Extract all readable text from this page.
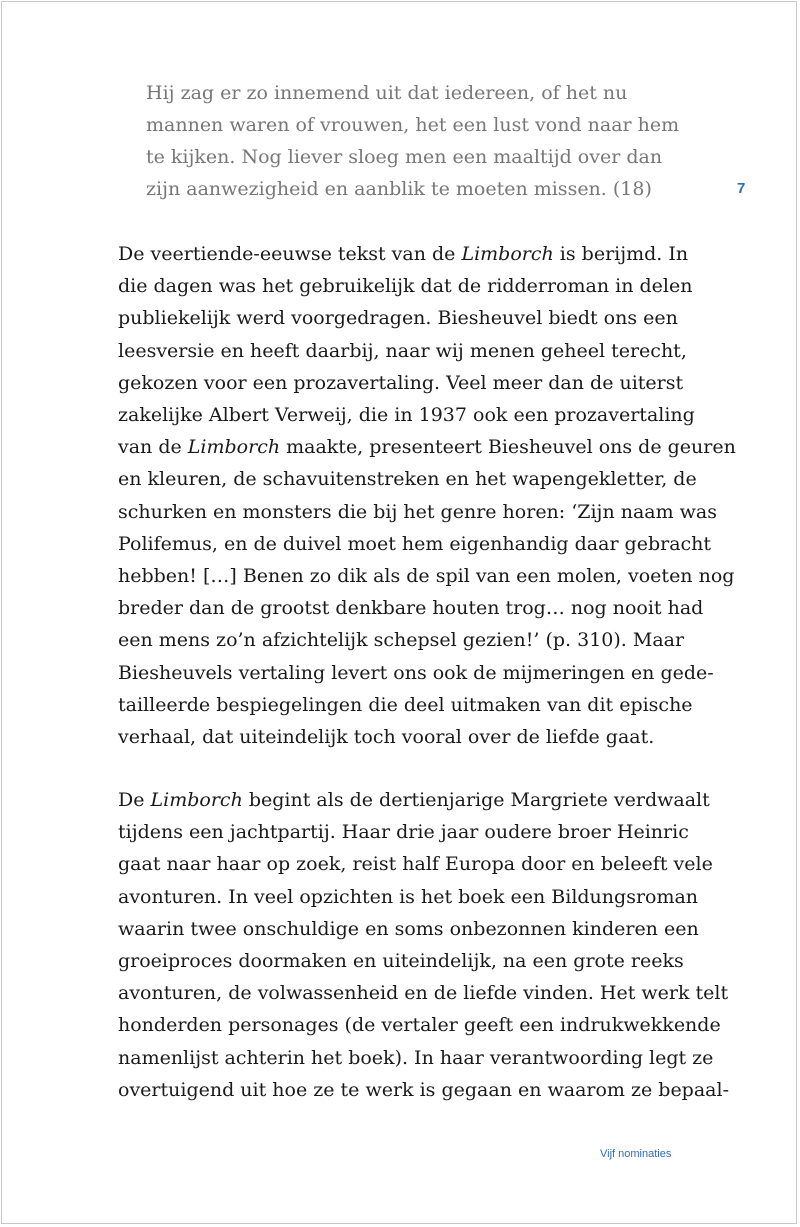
Hij zag er zo innemend uit dat iedereen, of het nu
mannen waren of vrouwen, het een lust vond naar hem
te kijken. Nog liever sloeg men een maaltijd over dan
zijn aanwezigheid en aanblik te moeten missen. (18)	7
De veertiende-eeuwse tekst van de Limborch is berijmd. In
die dagen was het gebruikelijk dat de ridderroman in delen
publiekelijk werd voorgedragen. Biesheuvel biedt ons een
leesversie en heeft daarbij, naar wij menen geheel terecht,
gekozen voor een prozavertaling. Veel meer dan de uiterst
zakelijke Albert Verweij, die in 1937 ook een prozavertaling
van de Limborch maakte, presenteert Biesheuvel ons de geuren
en kleuren, de schavuitenstreken en het wapengekletter, de
schurken en monsters die bij het genre horen: ‘Zijn naam was
Polifemus, en de duivel moet hem eigenhandig daar gebracht
hebben! […] Benen zo dik als de spil van een molen, voeten nog
breder dan de grootst denkbare houten trog… nog nooit had
een mens zo’n afzichtelijk schepsel gezien!’ (p. 310). Maar
Biesheuvels vertaling levert ons ook de mijmeringen en gede-
tailleerde bespiegelingen die deel uitmaken van dit epische
verhaal, dat uiteindelijk toch vooral over de liefde gaat.
De Limborch begint als de dertienjarige Margriete verdwaalt
tijdens een jachtpartij. Haar drie jaar oudere broer Heinric
gaat naar haar op zoek, reist half Europa door en beleeft vele
avonturen. In veel opzichten is het boek een Bildungsroman
waarin twee onschuldige en soms onbezonnen kinderen een
groeiproces doormaken en uiteindelijk, na een grote reeks
avonturen, de volwassenheid en de liefde vinden. Het werk telt
honderden personages (de vertaler geeft een indrukwekkende
namenlijst achterin het boek). In haar verantwoording legt ze
overtuigend uit hoe ze te werk is gegaan en waarom ze bepaal-
Vijf nominaties
